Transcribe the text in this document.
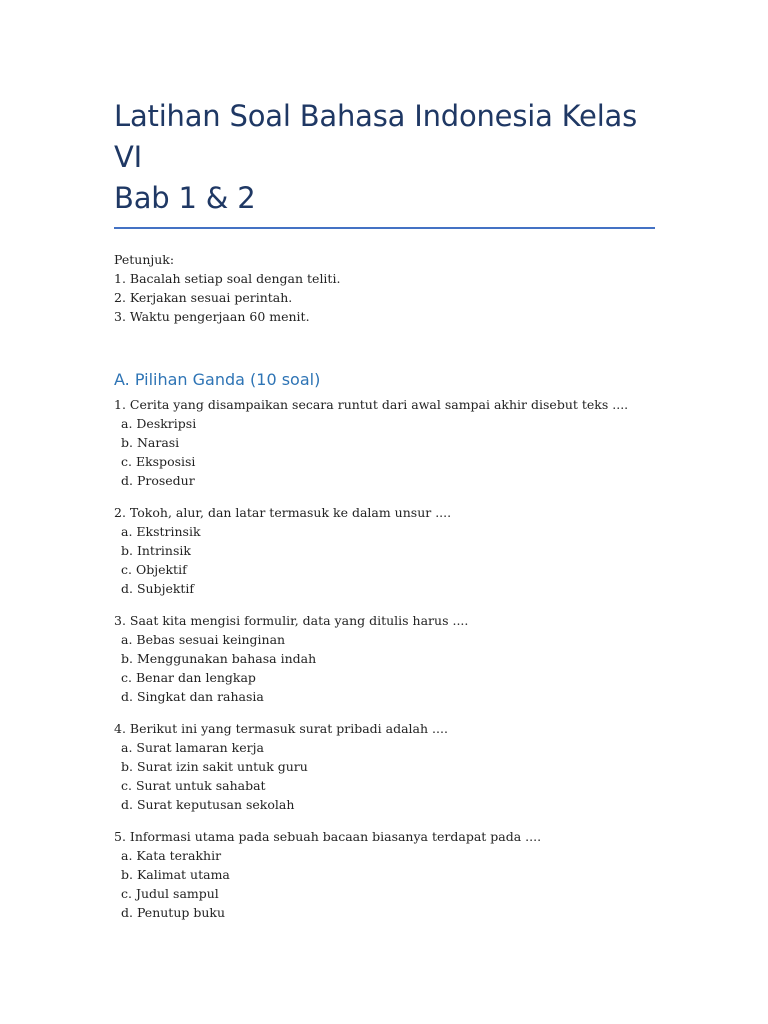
Latihan Soal Bahasa Indonesia Kelas VI
Bab 1 & 2
Petunjuk:
1. Bacalah setiap soal dengan teliti.
2. Kerjakan sesuai perintah.
3. Waktu pengerjaan 60 menit.
A. Pilihan Ganda (10 soal)
1. Cerita yang disampaikan secara runtut dari awal sampai akhir disebut teks ....
a. Deskripsi
b. Narasi
c. Eksposisi
d. Prosedur
2. Tokoh, alur, dan latar termasuk ke dalam unsur ....
a. Ekstrinsik
b. Intrinsik
c. Objektif
d. Subjektif
3. Saat kita mengisi formulir, data yang ditulis harus ....
a. Bebas sesuai keinginan
b. Menggunakan bahasa indah
c. Benar dan lengkap
d. Singkat dan rahasia
4. Berikut ini yang termasuk surat pribadi adalah ....
a. Surat lamaran kerja
b. Surat izin sakit untuk guru
c. Surat untuk sahabat
d. Surat keputusan sekolah
5. Informasi utama pada sebuah bacaan biasanya terdapat pada ....
a. Kata terakhir
b. Kalimat utama
c. Judul sampul
d. Penutup buku
